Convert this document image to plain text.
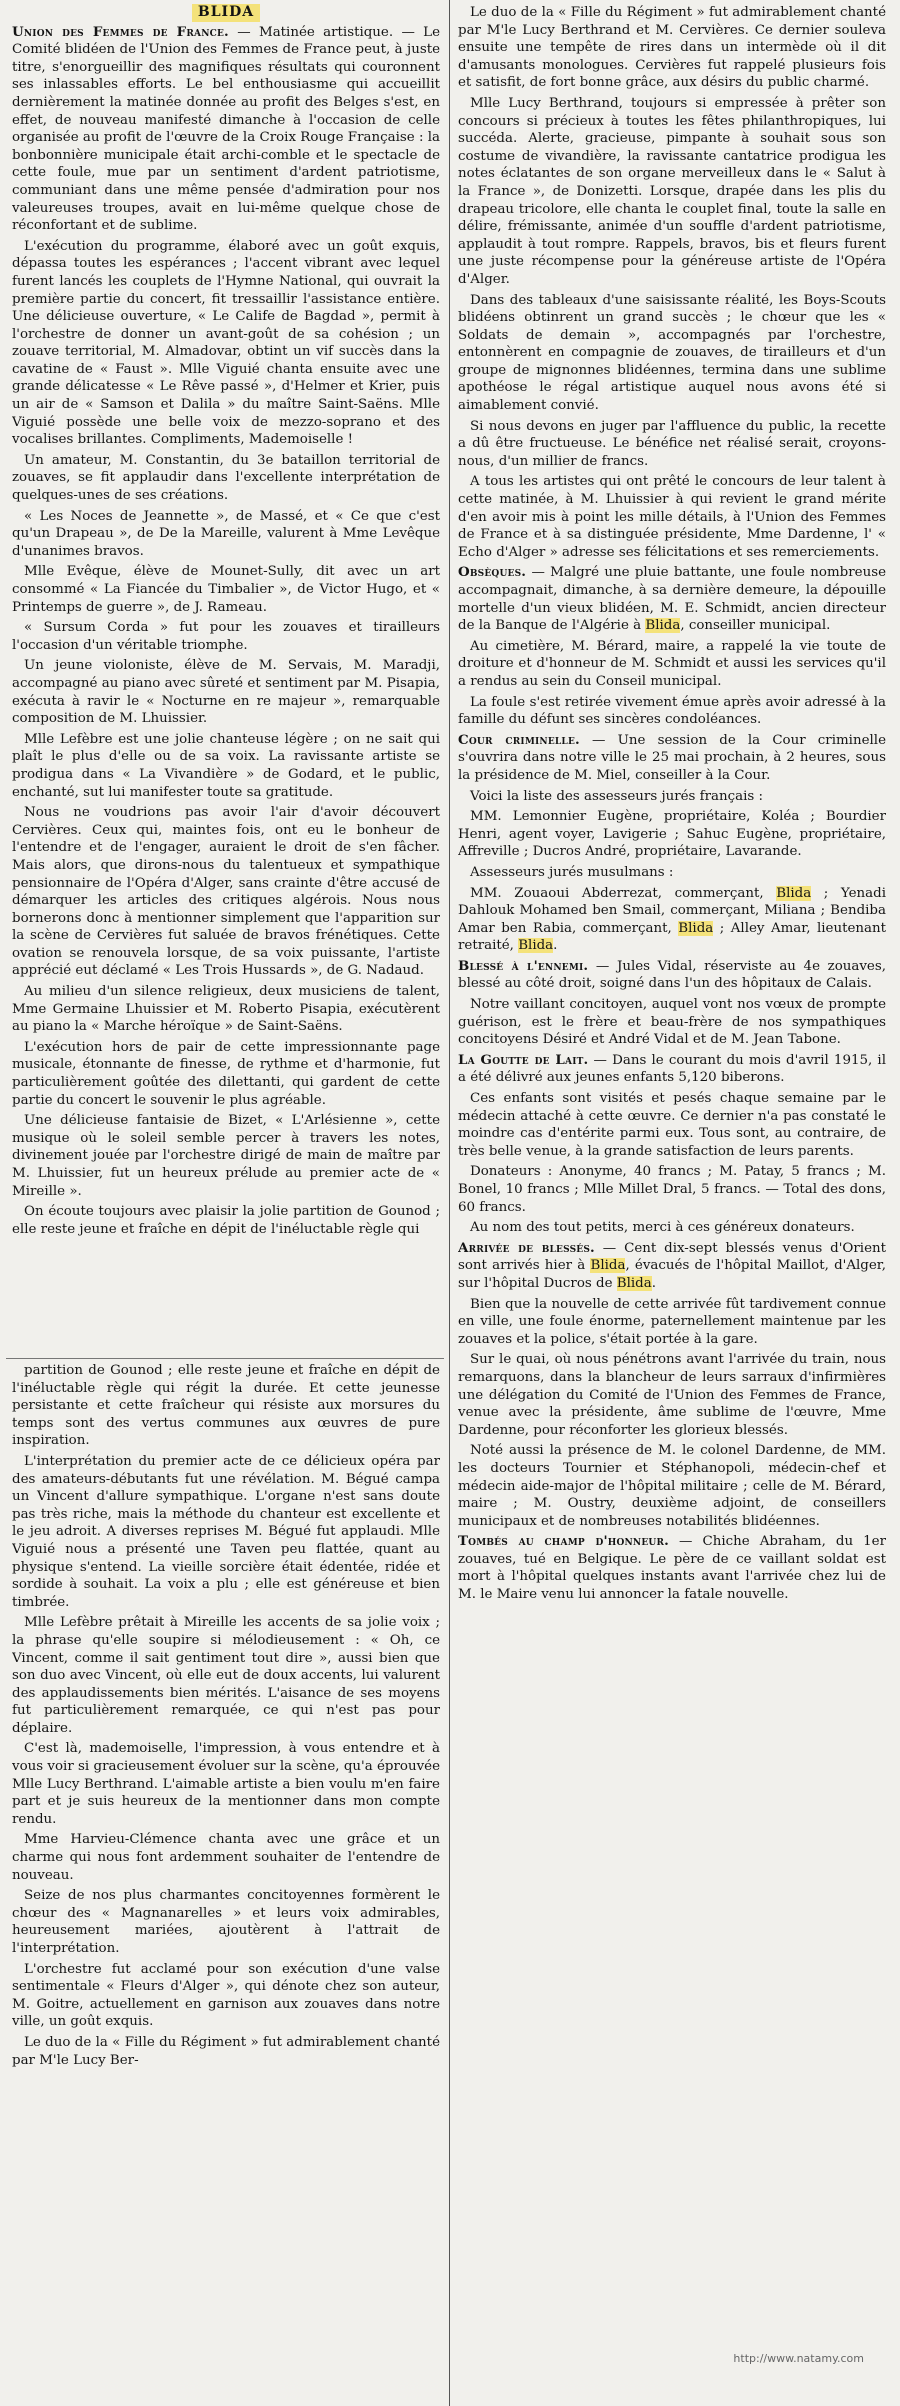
BLIDA

Union des Femmes de France. — Matinée artistique. — Le Comité blidéen de l'Union des Femmes de France peut, à juste titre, s'enorgueillir des magnifiques résultats qui couronnent ses inlassables efforts. Le bel enthousiasme qui accueillit dernièrement la matinée donnée au profit des Belges s'est, en effet, de nouveau manifesté dimanche à l'occasion de celle organisée au profit de l'œuvre de la Croix Rouge Française : la bonbonnière municipale était archi-comble et le spectacle de cette foule, mue par un sentiment d'ardent patriotisme, communiant dans une même pensée d'admiration pour nos valeureuses troupes, avait en lui-même quelque chose de réconfortant et de sublime.

L'exécution du programme, élaboré avec un goût exquis, dépassa toutes les espérances ; l'accent vibrant avec lequel furent lancés les couplets de l'Hymne National, qui ouvrait la première partie du concert, fit tressaillir l'assistance entière. Une délicieuse ouverture, « Le Calife de Bagdad », permit à l'orchestre de donner un avant-goût de sa cohésion ; un zouave territorial, M. Almadovar, obtint un vif succès dans la cavatine de « Faust ». Mlle Viguié chanta ensuite avec une grande délicatesse « Le Rêve passé », d'Helmer et Krier, puis un air de « Samson et Dalila » du maître Saint-Saëns. Mlle Viguié possède une belle voix de mezzo-soprano et des vocalises brillantes. Compliments, Mademoiselle !

Un amateur, M. Constantin, du 3e bataillon territorial de zouaves, se fit applaudir dans l'excellente interprétation de quelques-unes de ses créations.

« Les Noces de Jeannette », de Massé, et « Ce que c'est qu'un Drapeau », de De la Mareille, valurent à Mme Levêque d'unanimes bravos.

Mlle Evêque, élève de Mounet-Sully, dit avec un art consommé « La Fiancée du Timbalier », de Victor Hugo, et « Printemps de guerre », de J. Rameau.

« Sursum Corda » fut pour les zouaves et tirailleurs l'occasion d'un véritable triomphe.

Un jeune violoniste, élève de M. Servais, M. Maradji, accompagné au piano avec sûreté et sentiment par M. Pisapia, exécuta à ravir le « Nocturne en re majeur », remarquable composition de M. Lhuissier.

Mlle Lefèbre est une jolie chanteuse légère ; on ne sait qui plaît le plus d'elle ou de sa voix. La ravissante artiste se prodigua dans « La Vivandière » de Godard, et le public, enchanté, sut lui manifester toute sa gratitude.

Nous ne voudrions pas avoir l'air d'avoir découvert Cervières. Ceux qui, maintes fois, ont eu le bonheur de l'entendre et de l'engager, auraient le droit de s'en fâcher. Mais alors, que dirons-nous du talentueux et sympathique pensionnaire de l'Opéra d'Alger, sans crainte d'être accusé de démarquer les articles des critiques algérois. Nous nous bornerons donc à mentionner simplement que l'apparition sur la scène de Cervières fut saluée de bravos frénétiques. Cette ovation se renouvela lorsque, de sa voix puissante, l'artiste apprécié eut déclamé « Les Trois Hussards », de G. Nadaud.

Au milieu d'un silence religieux, deux musiciens de talent, Mme Germaine Lhuissier et M. Roberto Pisapia, exécutèrent au piano la « Marche héroïque » de Saint-Saëns.

L'exécution hors de pair de cette impressionnante page musicale, étonnante de finesse, de rythme et d'harmonie, fut particulièrement goûtée des dilettanti, qui gardent de cette partie du concert le souvenir le plus agréable.

Une délicieuse fantaisie de Bizet, « L'Arlésienne », cette musique où le soleil semble percer à travers les notes, divinement jouée par l'orchestre dirigé de main de maître par M. Lhuissier, fut un heureux prélude au premier acte de « Mireille ».

On écoute toujours avec plaisir la jolie partition de Gounod ; elle reste jeune et fraîche en dépit de l'inéluctable règle qui

partition de Gounod ; elle reste jeune et fraîche en dépit de l'inéluctable règle qui régit la durée. Et cette jeunesse persistante et cette fraîcheur qui résiste aux morsures du temps sont des vertus communes aux œuvres de pure inspiration.

L'interprétation du premier acte de ce délicieux opéra par des amateurs-débutants fut une révélation. M. Bégué campa un Vincent d'allure sympathique. L'organe n'est sans doute pas très riche, mais la méthode du chanteur est excellente et le jeu adroit. A diverses reprises M. Bégué fut applaudi. Mlle Viguié nous a présenté une Taven peu flattée, quant au physique s'entend. La vieille sorcière était édentée, ridée et sordide à souhait. La voix a plu ; elle est généreuse et bien timbrée.

Mlle Lefèbre prêtait à Mireille les accents de sa jolie voix ; la phrase qu'elle soupire si mélodieusement : « Oh, ce Vincent, comme il sait gentiment tout dire », aussi bien que son duo avec Vincent, où elle eut de doux accents, lui valurent des applaudissements bien mérités. L'aisance de ses moyens fut particulièrement remarquée, ce qui n'est pas pour déplaire.

C'est là, mademoiselle, l'impression, à vous entendre et à vous voir si gracieusement évoluer sur la scène, qu'a éprouvée Mlle Lucy Berthrand. L'aimable artiste a bien voulu m'en faire part et je suis heureux de la mentionner dans mon compte rendu.

Mme Harvieu-Clémence chanta avec une grâce et un charme qui nous font ardemment souhaiter de l'entendre de nouveau.

Seize de nos plus charmantes concitoyennes formèrent le chœur des « Magnanarelles » et leurs voix admirables, heureusement mariées, ajoutèrent à l'attrait de l'interprétation.

L'orchestre fut acclamé pour son exécution d'une valse sentimentale « Fleurs d'Alger », qui dénote chez son auteur, M. Goitre, actuellement en garnison aux zouaves dans notre ville, un goût exquis.

Le duo de la « Fille du Régiment » fut admirablement chanté par M'le Lucy Ber-

Le duo de la « Fille du Régiment » fut admirablement chanté par M'le Lucy Berthrand et M. Cervières. Ce dernier souleva ensuite une tempête de rires dans un intermède où il dit d'amusants monologues. Cervières fut rappelé plusieurs fois et satisfit, de fort bonne grâce, aux désirs du public charmé.

Mlle Lucy Berthrand, toujours si empressée à prêter son concours si précieux à toutes les fêtes philanthropiques, lui succéda. Alerte, gracieuse, pimpante à souhait sous son costume de vivandière, la ravissante cantatrice prodigua les notes éclatantes de son organe merveilleux dans le « Salut à la France », de Donizetti. Lorsque, drapée dans les plis du drapeau tricolore, elle chanta le couplet final, toute la salle en délire, frémissante, animée d'un souffle d'ardent patriotisme, applaudit à tout rompre. Rappels, bravos, bis et fleurs furent une juste récompense pour la généreuse artiste de l'Opéra d'Alger.

Dans des tableaux d'une saisissante réalité, les Boys-Scouts blidéens obtinrent un grand succès ; le chœur que les « Soldats de demain », accompagnés par l'orchestre, entonnèrent en compagnie de zouaves, de tirailleurs et d'un groupe de mignonnes blidéennes, termina dans une sublime apothéose le régal artistique auquel nous avons été si aimablement convié.

Si nous devons en juger par l'affluence du public, la recette a dû être fructueuse. Le bénéfice net réalisé serait, croyons-nous, d'un millier de francs.

A tous les artistes qui ont prêté le concours de leur talent à cette matinée, à M. Lhuissier à qui revient le grand mérite d'en avoir mis à point les mille détails, à l'Union des Femmes de France et à sa distinguée présidente, Mme Dardenne, l' « Echo d'Alger » adresse ses félicitations et ses remerciements.

Obsèques. — Malgré une pluie battante, une foule nombreuse accompagnait, dimanche, à sa dernière demeure, la dépouille mortelle d'un vieux blidéen, M. E. Schmidt, ancien directeur de la Banque de l'Algérie à Blida, conseiller municipal.

Au cimetière, M. Bérard, maire, a rappelé la vie toute de droiture et d'honneur de M. Schmidt et aussi les services qu'il a rendus au sein du Conseil municipal.

La foule s'est retirée vivement émue après avoir adressé à la famille du défunt ses sincères condoléances.

Cour criminelle. — Une session de la Cour criminelle s'ouvrira dans notre ville le 25 mai prochain, à 2 heures, sous la présidence de M. Miel, conseiller à la Cour.

Voici la liste des assesseurs jurés français :

MM. Lemonnier Eugène, propriétaire, Koléa ; Bourdier Henri, agent voyer, Lavigerie ; Sahuc Eugène, propriétaire, Affreville ; Ducros André, propriétaire, Lavarande.

Assesseurs jurés musulmans :

MM. Zouaoui Abderrezat, commerçant, Blida ; Yenadi Dahlouk Mohamed ben Smail, commerçant, Miliana ; Bendiba Amar ben Rabia, commerçant, Blida ; Alley Amar, lieutenant retraité, Blida.

Blessé à l'ennemi. — Jules Vidal, réserviste au 4e zouaves, blessé au côté droit, soigné dans l'un des hôpitaux de Calais.

Notre vaillant concitoyen, auquel vont nos vœux de prompte guérison, est le frère et beau-frère de nos sympathiques concitoyens Désiré et André Vidal et de M. Jean Tabone.

La Goutte de Lait. — Dans le courant du mois d'avril 1915, il a été délivré aux jeunes enfants 5,120 biberons.

Ces enfants sont visités et pesés chaque semaine par le médecin attaché à cette œuvre. Ce dernier n'a pas constaté le moindre cas d'entérite parmi eux. Tous sont, au contraire, de très belle venue, à la grande satisfaction de leurs parents.

Donateurs : Anonyme, 40 francs ; M. Patay, 5 francs ; M. Bonel, 10 francs ; Mlle Millet Dral, 5 francs. — Total des dons, 60 francs.

Au nom des tout petits, merci à ces généreux donateurs.

Arrivée de blessés. — Cent dix-sept blessés venus d'Orient sont arrivés hier à Blida, évacués de l'hôpital Maillot, d'Alger, sur l'hôpital Ducros de Blida.

Bien que la nouvelle de cette arrivée fût tardivement connue en ville, une foule énorme, paternellement maintenue par les zouaves et la police, s'était portée à la gare.

Sur le quai, où nous pénétrons avant l'arrivée du train, nous remarquons, dans la blancheur de leurs sarraux d'infirmières une délégation du Comité de l'Union des Femmes de France, venue avec la présidente, âme sublime de l'œuvre, Mme Dardenne, pour réconforter les glorieux blessés.

Noté aussi la présence de M. le colonel Dardenne, de MM. les docteurs Tournier et Stéphanopoli, médecin-chef et médecin aide-major de l'hôpital militaire ; celle de M. Bérard, maire ; M. Oustry, deuxième adjoint, de conseillers municipaux et de nombreuses notabilités blidéennes.

Tombés au champ d'honneur. — Chiche Abraham, du 1er zouaves, tué en Belgique. Le père de ce vaillant soldat est mort à l'hôpital quelques instants avant l'arrivée chez lui de M. le Maire venu lui annoncer la fatale nouvelle.

http://www.natamy.com
